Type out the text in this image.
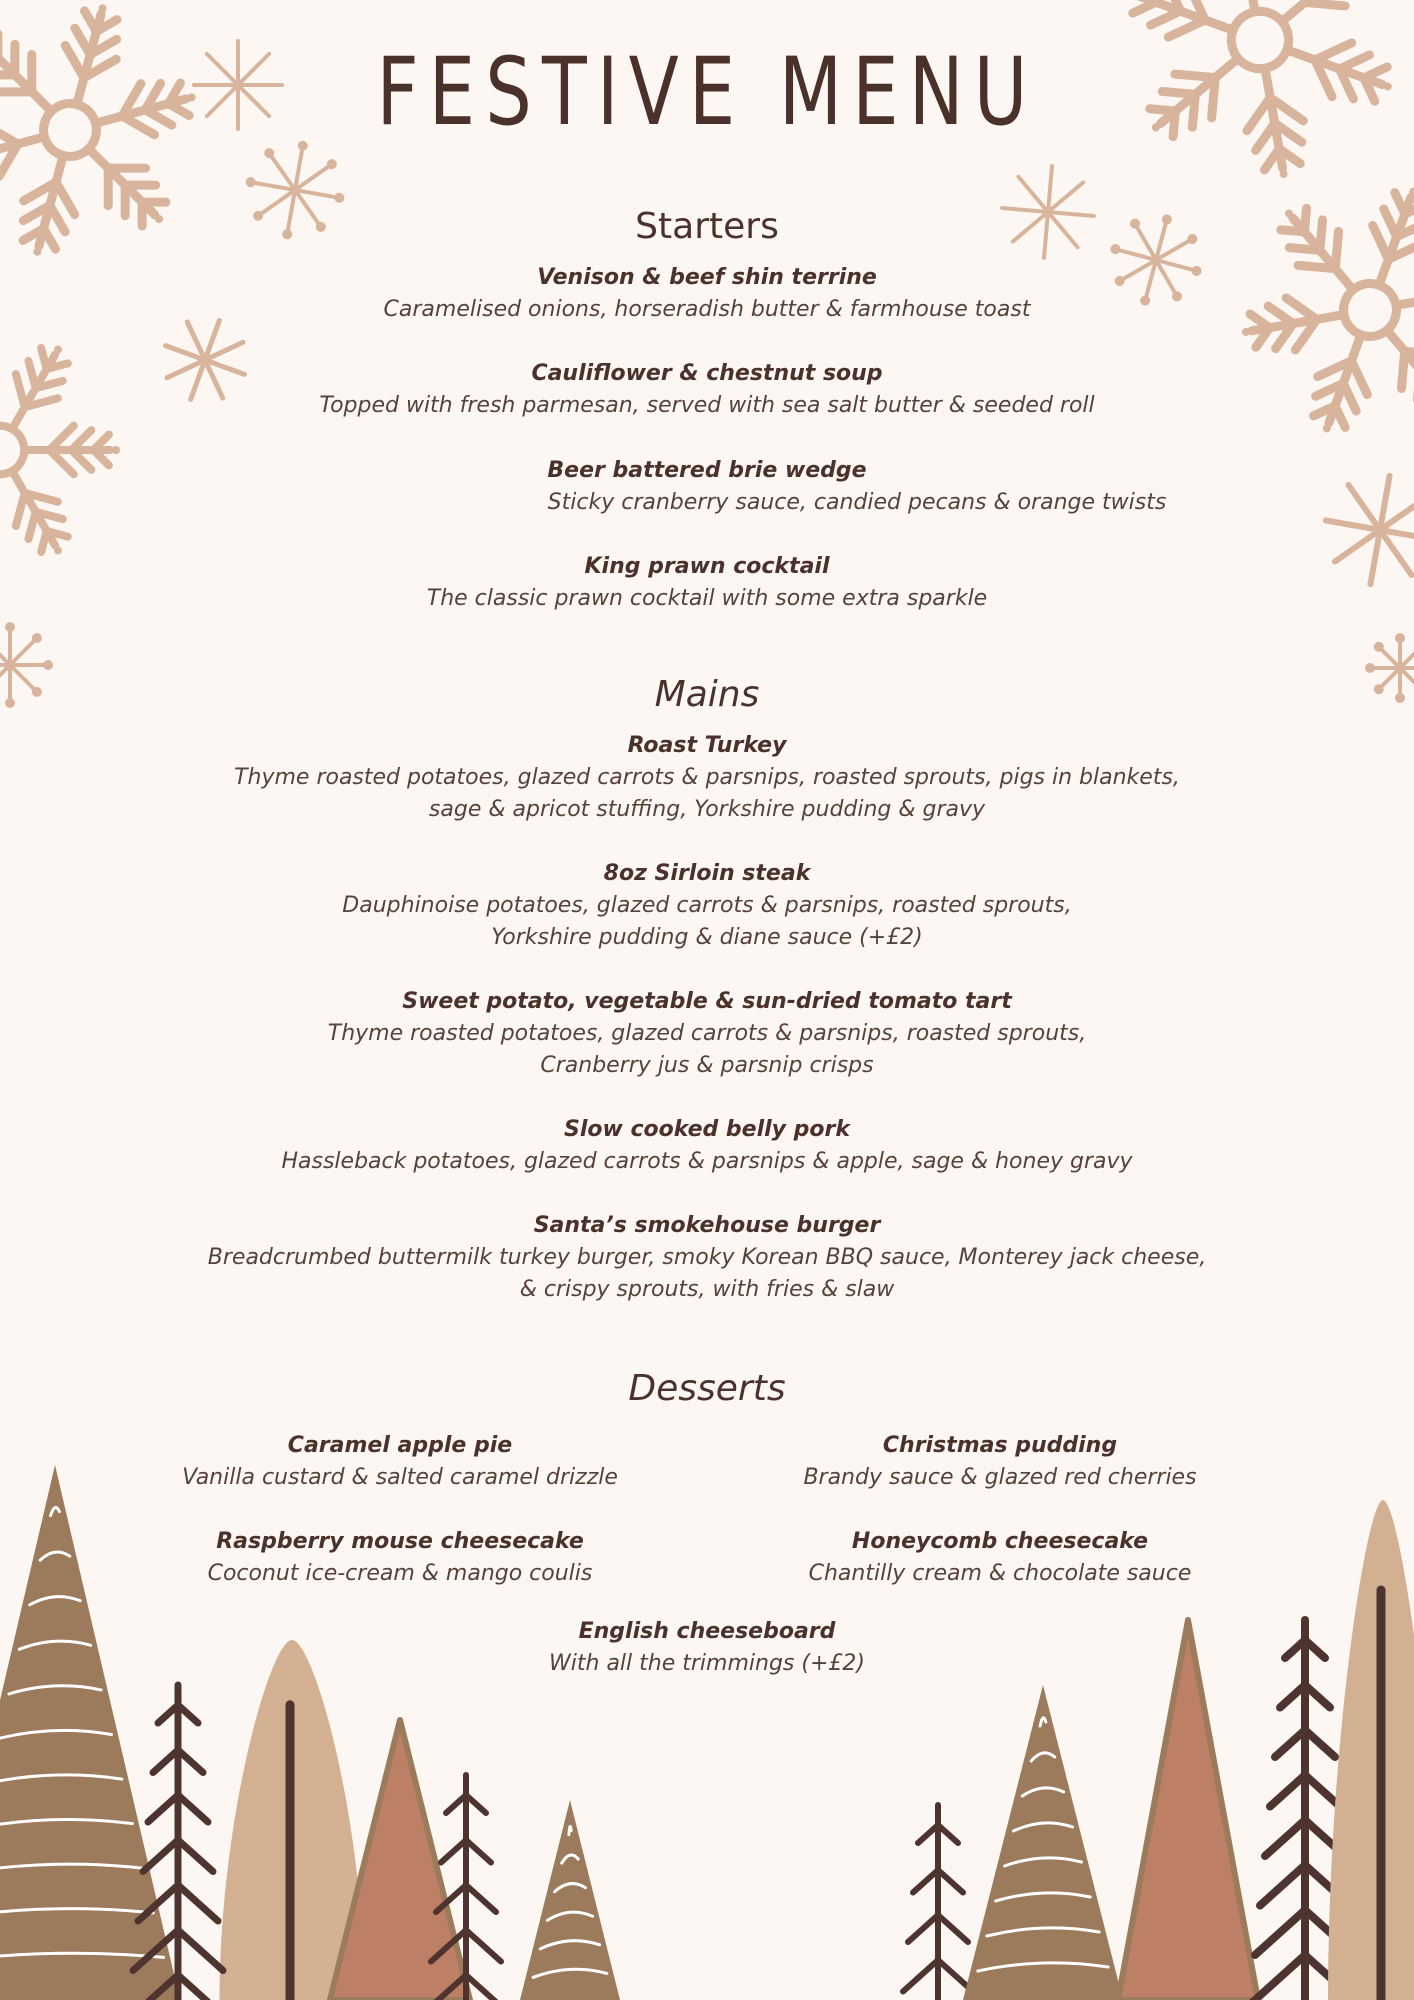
FESTIVE MENU
Starters
Venison & beef shin terrine
Caramelised onions, horseradish butter & farmhouse toast
Cauliflower & chestnut soup
Topped with fresh parmesan, served with sea salt butter & seeded roll
Beer battered brie wedge
Sticky cranberry sauce, candied pecans & orange twists
King prawn cocktail
The classic prawn cocktail with some extra sparkle
Mains
Roast Turkey
Thyme roasted potatoes, glazed carrots & parsnips, roasted sprouts, pigs in blankets,
sage & apricot stuffing, Yorkshire pudding & gravy
8oz Sirloin steak
Dauphinoise potatoes, glazed carrots & parsnips, roasted sprouts,
Yorkshire pudding & diane sauce (+£2)
Sweet potato, vegetable & sun-dried tomato tart
Thyme roasted potatoes, glazed carrots & parsnips, roasted sprouts,
Cranberry jus & parsnip crisps
Slow cooked belly pork
Hassleback potatoes, glazed carrots & parsnips & apple, sage & honey gravy
Santa’s smokehouse burger
Breadcrumbed buttermilk turkey burger, smoky Korean BBQ sauce, Monterey jack cheese,
& crispy sprouts, with fries & slaw
Desserts
Caramel apple pie
Vanilla custard & salted caramel drizzle
Christmas pudding
Brandy sauce & glazed red cherries
Raspberry mouse cheesecake
Coconut ice-cream & mango coulis
Honeycomb cheesecake
Chantilly cream & chocolate sauce
English cheeseboard
With all the trimmings (+£2)
